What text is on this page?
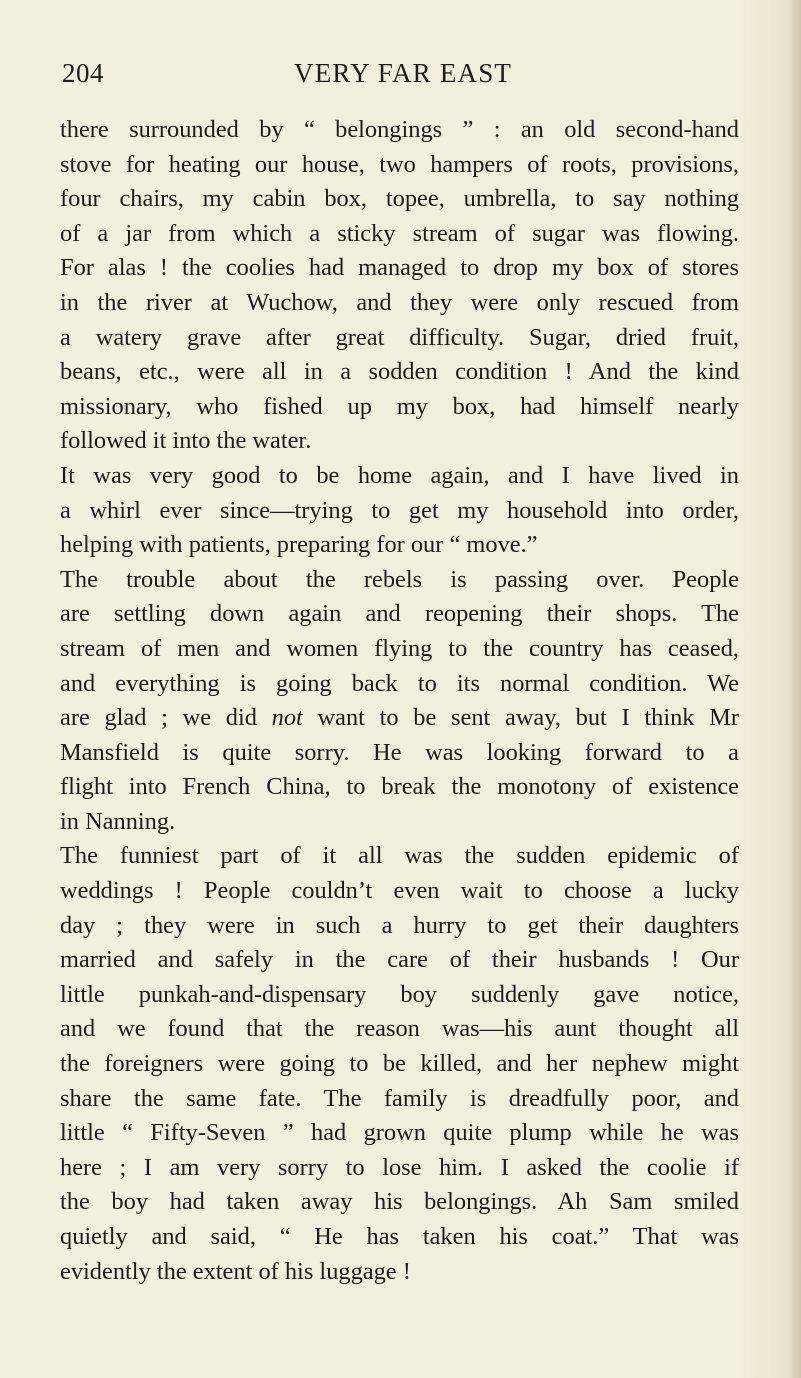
204	VERY FAR EAST
there surrounded by “ belongings ” : an old second-hand
stove for heating our house, two hampers of roots, provisions,
four chairs, my cabin box, topee, umbrella, to say nothing
of a jar from which a sticky stream of sugar was flowing.
For alas ! the coolies had managed to drop my box of stores
in the river at Wuchow, and they were only rescued from
a watery grave after great difficulty. Sugar, dried fruit,
beans, etc., were all in a sodden condition ! And the kind
missionary, who fished up my box, had himself nearly
followed it into the water.
It was very good to be home again, and I have lived in
a whirl ever since—trying to get my household into order,
helping with patients, preparing for our “ move.”
The trouble about the rebels is passing over. People
are settling down again and reopening their shops. The
stream of men and women flying to the country has ceased,
and everything is going back to its normal condition. We
are glad ; we did not want to be sent away, but I think Mr
Mansfield is quite sorry. He was looking forward to a
flight into French China, to break the monotony of existence
in Nanning.
The funniest part of it all was the sudden epidemic of
weddings ! People couldn’t even wait to choose a lucky
day ; they were in such a hurry to get their daughters
married and safely in the care of their husbands ! Our
little punkah-and-dispensary boy suddenly gave notice,
and we found that the reason was—his aunt thought all
the foreigners were going to be killed, and her nephew might
share the same fate. The family is dreadfully poor, and
little “ Fifty-Seven ” had grown quite plump while he was
here ; I am very sorry to lose him. I asked the coolie if
the boy had taken away his belongings. Ah Sam smiled
quietly and said, “ He has taken his coat.” That was
evidently the extent of his luggage !
